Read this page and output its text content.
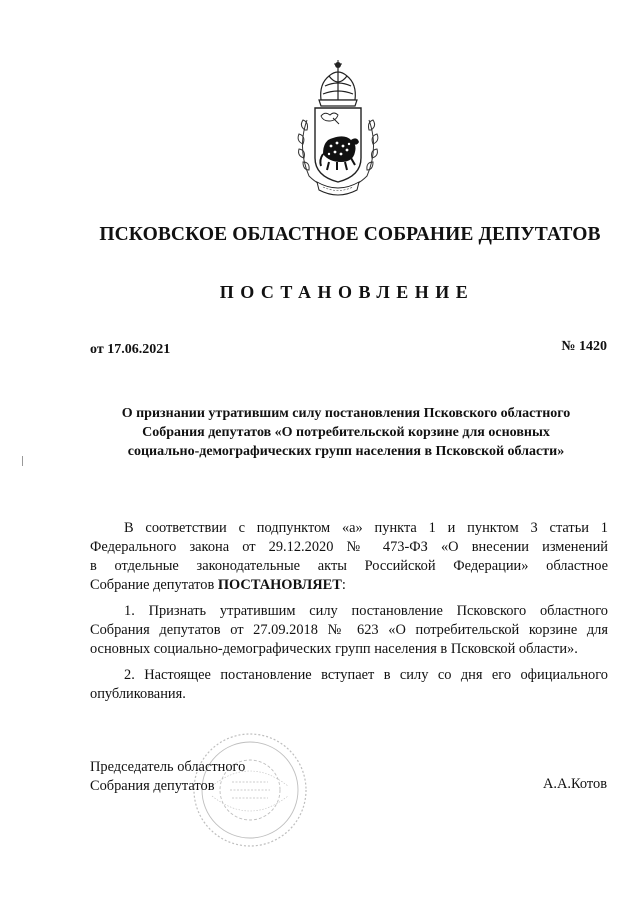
ПСКОВСКОЕ ОБЛАСТНОЕ СОБРАНИЕ ДЕПУТАТОВ
ПОСТАНОВЛЕНИЕ
от 17.06.2021	№ 1420
О признании утратившим силу постановления Псковского областного
Собрания депутатов «О потребительской корзине для основных
социально-демографических групп населения в Псковской области»
В соответствии с подпунктом «а» пункта 1 и пунктом 3 статьи 1
Федерального закона от 29.12.2020 № 473-ФЗ «О внесении изменений
в отдельные законодательные акты Российской Федерации» областное
Собрание депутатов ПОСТАНОВЛЯЕТ:
1. Признать утратившим силу постановление Псковского областного
Собрания депутатов от 27.09.2018 № 623 «О потребительской корзине для
основных социально-демографических групп населения в Псковской области».
2. Настоящее постановление вступает в силу со дня его официального
опубликования.
Председатель областного
Собрания депутатов	А.А.Котов
